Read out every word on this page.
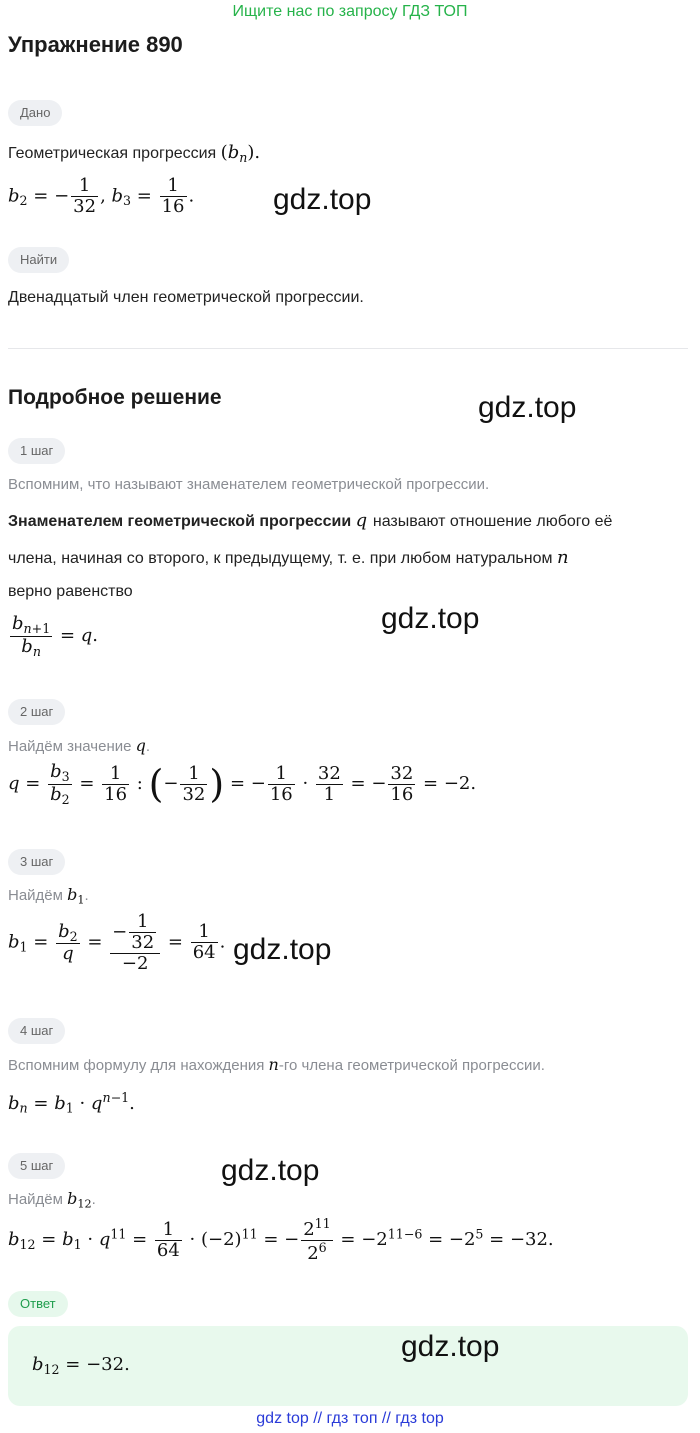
Ищите нас по запросу ГДЗ ТОП
Упражнение 890
Дано
Геометрическая прогрессия $(b_n)$.
$b_2$ = − $\frac{1}{32}$ , $b_3 = \frac{1}{16}$ .	gdz.top
Найти
Двенадцатый член геометрической прогрессии.
Подробное решение	gdz.top
1 шаг
Вспомним, что называют знаменателем геометрической прогрессии.
Знаменателем геометрической прогрессии q называют отношение любого её
члена, начиная со второго, к предыдущему, т. е. при любом натуральном n
верно равенство
$\frac{b_{n+1}}{b_n} = q$.
gdz.top
2 шаг
Найдём значение q.
$q = \frac{b_3}{b_2} = \frac{1}{16}$ : (− $\frac{1}{32}$ ) = − $\frac{1}{16} \cdot \frac{32}{1}$ = − $\frac{32}{16} = -2$.
3 шаг
Найдём $b_1$.
$b_1 = \frac{b_2}{q} = \frac{- \frac{1}{32}}{-2} = \frac{1}{64}$ . gdz.top
4 шаг
Вспомним формулу для нахождения n-го члена геометрической прогрессии.
$b_n = b_1 \cdot q^{n-1}$.
5 шаг	gdz.top
Найдём $b_{12}$.
$b_{12} = b_1 \cdot q^{11} = \frac{1}{64} \cdot (-2)^{11}$ = − $\frac{2^{11}}{2^6} = -2^{11-6} = -2^5 = -32$.
Ответ
$b_{12} = -32$.
gdz.top
gdz top // гдз топ // гдз top
